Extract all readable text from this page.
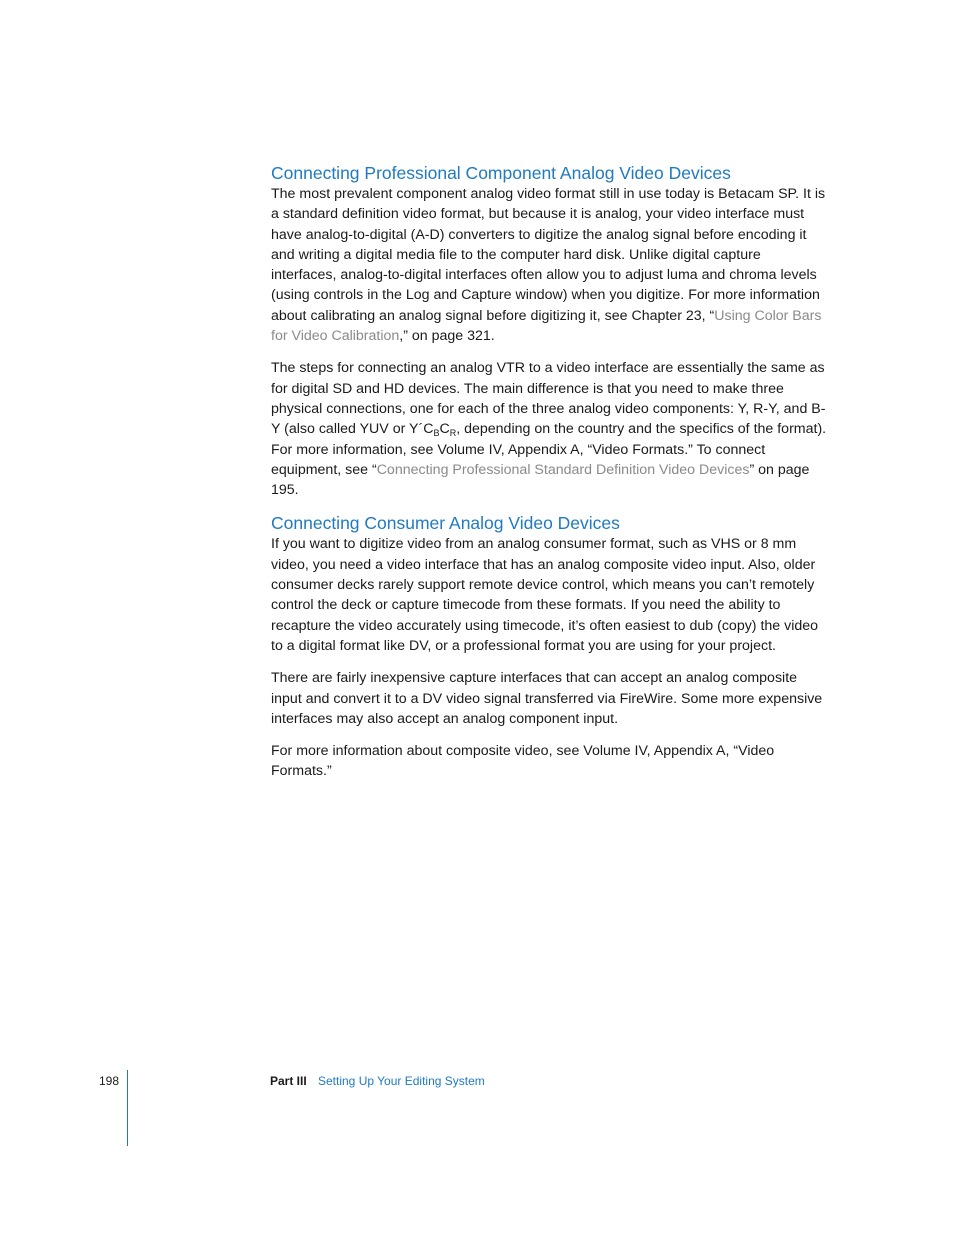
Connecting Professional Component Analog Video Devices

The most prevalent component analog video format still in use today is Betacam SP. It is a standard definition video format, but because it is analog, your video interface must have analog-to-digital (A-D) converters to digitize the analog signal before encoding it and writing a digital media file to the computer hard disk. Unlike digital capture interfaces, analog-to-digital interfaces often allow you to adjust luma and chroma levels (using controls in the Log and Capture window) when you digitize. For more information about calibrating an analog signal before digitizing it, see Chapter 23, “Using Color Bars for Video Calibration,” on page 321.

The steps for connecting an analog VTR to a video interface are essentially the same as for digital SD and HD devices. The main difference is that you need to make three physical connections, one for each of the three analog video components: Y, R-Y, and B-Y (also called YUV or $Y´C_BC_R$, depending on the country and the specifics of the format). For more information, see Volume IV, Appendix A, “Video Formats.” To connect equipment, see “Connecting Professional Standard Definition Video Devices” on page 195.

Connecting Consumer Analog Video Devices

If you want to digitize video from an analog consumer format, such as VHS or 8 mm video, you need a video interface that has an analog composite video input. Also, older consumer decks rarely support remote device control, which means you can’t remotely control the deck or capture timecode from these formats. If you need the ability to recapture the video accurately using timecode, it’s often easiest to dub (copy) the video to a digital format like DV, or a professional format you are using for your project.

There are fairly inexpensive capture interfaces that can accept an analog composite input and convert it to a DV video signal transferred via FireWire. Some more expensive interfaces may also accept an analog component input.

For more information about composite video, see Volume IV, Appendix A, “Video Formats.”

198	Part III Setting Up Your Editing System
